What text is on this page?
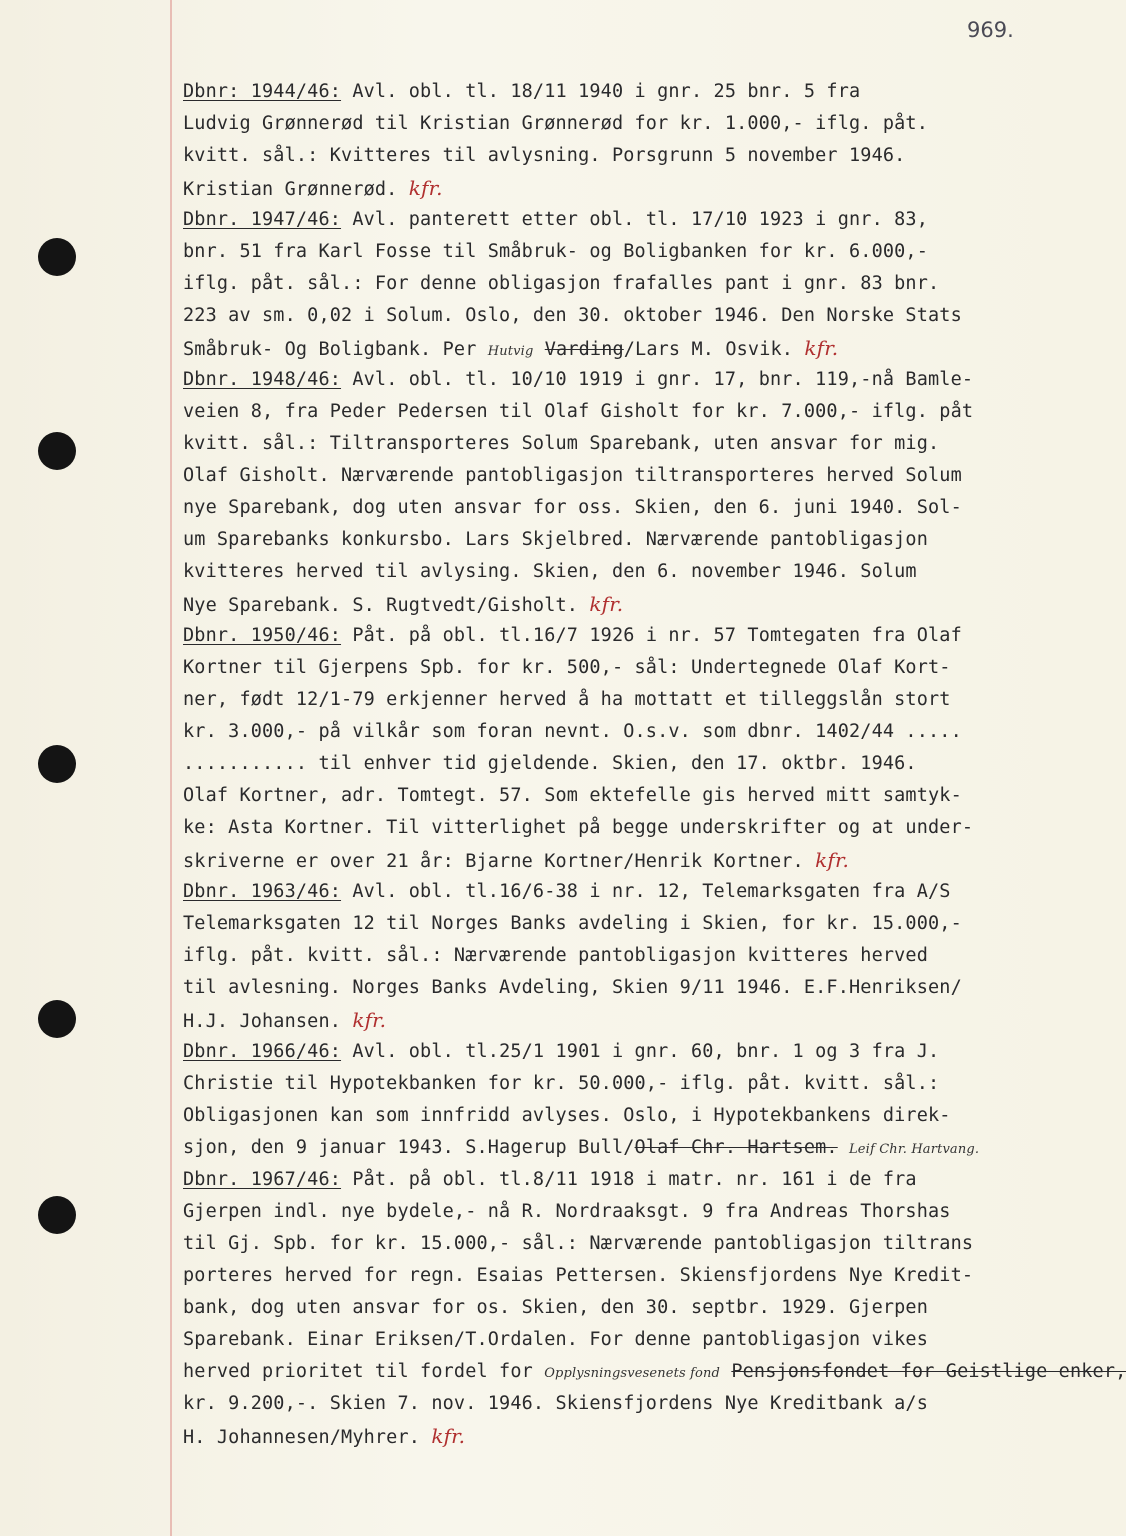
969.
Dbnr: 1944/46: Avl. obl. tl. 18/11 1940 i gnr. 25 bnr. 5 fra
Ludvig Grønnerød til Kristian Grønnerød for kr. 1.000,- iflg. påt.
kvitt. sål.: Kvitteres til avlysning. Porsgrunn 5 november 1946.
Kristian Grønnerød. kfr.
Dbnr. 1947/46: Avl. panterett etter obl. tl. 17/10 1923 i gnr. 83,
bnr. 51 fra Karl Fosse til Småbruk- og Boligbanken for kr. 6.000,-
iflg. påt. sål.: For denne obligasjon frafalles pant i gnr. 83 bnr.
223 av sm. 0,02 i Solum. Oslo, den 30. oktober 1946. Den Norske Stats
Småbruk- Og Boligbank. Per Hutvig Varding/Lars M. Osvik. kfr.
Dbnr. 1948/46: Avl. obl. tl. 10/10 1919 i gnr. 17, bnr. 119,-nå Bamle-
veien 8, fra Peder Pedersen til Olaf Gisholt for kr. 7.000,- iflg. påt
kvitt. sål.: Tiltransporteres Solum Sparebank, uten ansvar for mig.
Olaf Gisholt. Nærværende pantobligasjon tiltransporteres herved Solum
nye Sparebank, dog uten ansvar for oss. Skien, den 6. juni 1940. Sol-
um Sparebanks konkursbo. Lars Skjelbred. Nærværende pantobligasjon
kvitteres herved til avlysing. Skien, den 6. november 1946. Solum
Nye Sparebank. S. Rugtvedt/Gisholt. kfr.
Dbnr. 1950/46: Påt. på obl. tl.16/7 1926 i nr. 57 Tomtegaten fra Olaf
Kortner til Gjerpens Spb. for kr. 500,- sål: Undertegnede Olaf Kort-
ner, født 12/1-79 erkjenner herved å ha mottatt et tilleggslån stort
kr. 3.000,- på vilkår som foran nevnt. O.s.v. som dbnr. 1402/44 .....
........... til enhver tid gjeldende. Skien, den 17. oktbr. 1946.
Olaf Kortner, adr. Tomtegt. 57. Som ektefelle gis herved mitt samtyk-
ke: Asta Kortner. Til vitterlighet på begge underskrifter og at under-
skriverne er over 21 år: Bjarne Kortner/Henrik Kortner. kfr.
Dbnr. 1963/46: Avl. obl. tl.16/6-38 i nr. 12, Telemarksgaten fra A/S
Telemarksgaten 12 til Norges Banks avdeling i Skien, for kr. 15.000,-
iflg. påt. kvitt. sål.: Nærværende pantobligasjon kvitteres herved
til avlesning. Norges Banks Avdeling, Skien 9/11 1946. E.F.Henriksen/
H.J. Johansen. kfr.
Dbnr. 1966/46: Avl. obl. tl.25/1 1901 i gnr. 60, bnr. 1 og 3 fra J.
Christie til Hypotekbanken for kr. 50.000,- iflg. påt. kvitt. sål.:
Obligasjonen kan som innfridd avlyses. Oslo, i Hypotekbankens direk-
sjon, den 9 januar 1943. S.Hagerup Bull/Olaf Chr. Hartsem. Leif Chr. Hartvang.
Dbnr. 1967/46: Påt. på obl. tl.8/11 1918 i matr. nr. 161 i de fra
Gjerpen indl. nye bydele,- nå R. Nordraaksgt. 9 fra Andreas Thorshas
til Gj. Spb. for kr. 15.000,- sål.: Nærværende pantobligasjon tiltrans
porteres herved for regn. Esaias Pettersen. Skiensfjordens Nye Kredit-
bank, dog uten ansvar for os. Skien, den 30. septbr. 1929. Gjerpen
Sparebank. Einar Eriksen/T.Ordalen. For denne pantobligasjon vikes
herved prioritet til fordel for Opplysningsvesenets fond Pensjonsfondet for Geistlige enker,
kr. 9.200,-. Skien 7. nov. 1946. Skiensfjordens Nye Kreditbank a/s
H. Johannesen/Myhrer. kfr.
